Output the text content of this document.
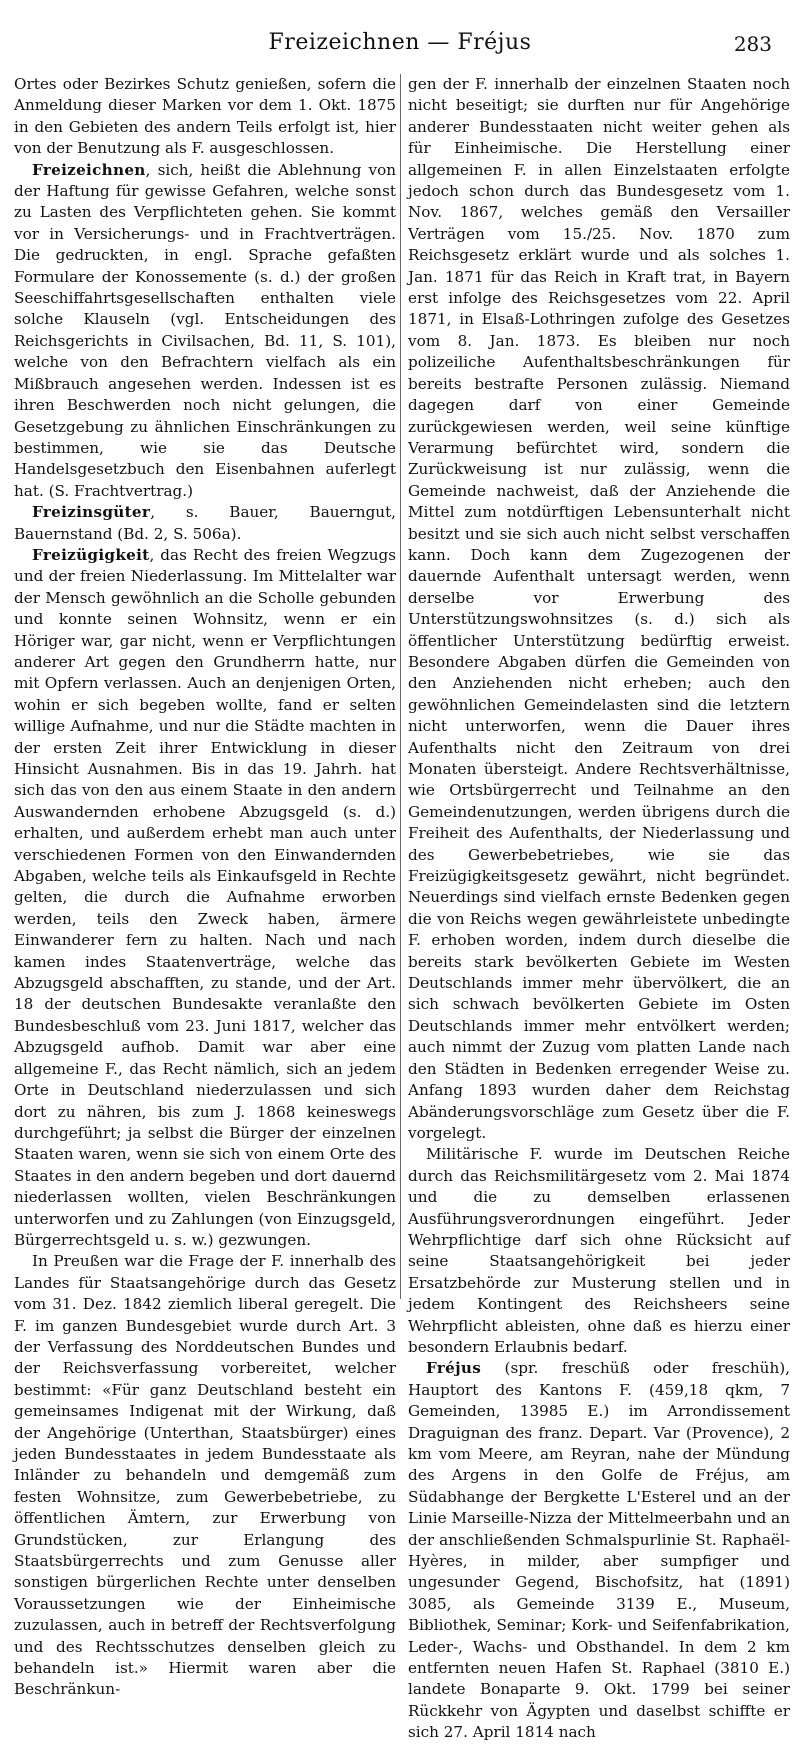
Freizeichnen — Fréjus	283

Ortes oder Bezirkes Schutz genießen, sofern die Anmeldung dieser Marken vor dem 1. Okt. 1875 in den Gebieten des andern Teils erfolgt ist, hier von der Benutzung als F. ausgeschlossen.

Freizeichnen, sich, heißt die Ablehnung von der Haftung für gewisse Gefahren, welche sonst zu Lasten des Verpflichteten gehen. Sie kommt vor in Versicherungs- und in Frachtverträgen. Die gedruckten, in engl. Sprache gefaßten Formulare der Konossemente (s. d.) der großen Seeschiffahrtsgesellschaften enthalten viele solche Klauseln (vgl. Entscheidungen des Reichsgerichts in Civilsachen, Bd. 11, S. 101), welche von den Befrachtern vielfach als ein Mißbrauch angesehen werden. Indessen ist es ihren Beschwerden noch nicht gelungen, die Gesetzgebung zu ähnlichen Einschränkungen zu bestimmen, wie sie das Deutsche Handelsgesetzbuch den Eisenbahnen auferlegt hat. (S. Frachtvertrag.)

Freizinsgüter, s. Bauer, Bauerngut, Bauernstand (Bd. 2, S. 506a).

Freizügigkeit, das Recht des freien Wegzugs und der freien Niederlassung. Im Mittelalter war der Mensch gewöhnlich an die Scholle gebunden und konnte seinen Wohnsitz, wenn er ein Höriger war, gar nicht, wenn er Verpflichtungen anderer Art gegen den Grundherrn hatte, nur mit Opfern verlassen. Auch an denjenigen Orten, wohin er sich begeben wollte, fand er selten willige Aufnahme, und nur die Städte machten in der ersten Zeit ihrer Entwicklung in dieser Hinsicht Ausnahmen. Bis in das 19. Jahrh. hat sich das von den aus einem Staate in den andern Auswandernden erhobene Abzugsgeld (s. d.) erhalten, und außerdem erhebt man auch unter verschiedenen Formen von den Einwandernden Abgaben, welche teils als Einkaufsgeld in Rechte gelten, die durch die Aufnahme erworben werden, teils den Zweck haben, ärmere Einwanderer fern zu halten. Nach und nach kamen indes Staatenverträge, welche das Abzugsgeld abschafften, zu stande, und der Art. 18 der deutschen Bundesakte veranlaßte den Bundesbeschluß vom 23. Juni 1817, welcher das Abzugsgeld aufhob. Damit war aber eine allgemeine F., das Recht nämlich, sich an jedem Orte in Deutschland niederzulassen und sich dort zu nähren, bis zum J. 1868 keineswegs durchgeführt; ja selbst die Bürger der einzelnen Staaten waren, wenn sie sich von einem Orte des Staates in den andern begeben und dort dauernd niederlassen wollten, vielen Beschränkungen unterworfen und zu Zahlungen (von Einzugsgeld, Bürgerrechtsgeld u. s. w.) gezwungen.

In Preußen war die Frage der F. innerhalb des Landes für Staatsangehörige durch das Gesetz vom 31. Dez. 1842 ziemlich liberal geregelt. Die F. im ganzen Bundesgebiet wurde durch Art. 3 der Verfassung des Norddeutschen Bundes und der Reichsverfassung vorbereitet, welcher bestimmt: «Für ganz Deutschland besteht ein gemeinsames Indigenat mit der Wirkung, daß der Angehörige (Unterthan, Staatsbürger) eines jeden Bundesstaates in jedem Bundesstaate als Inländer zu behandeln und demgemäß zum festen Wohnsitze, zum Gewerbebetriebe, zu öffentlichen Ämtern, zur Erwerbung von Grundstücken, zur Erlangung des Staatsbürgerrechts und zum Genusse aller sonstigen bürgerlichen Rechte unter denselben Voraussetzungen wie der Einheimische zuzulassen, auch in betreff der Rechtsverfolgung und des Rechtsschutzes denselben gleich zu behandeln ist.» Hiermit waren aber die Beschränkun-

gen der F. innerhalb der einzelnen Staaten noch nicht beseitigt; sie durften nur für Angehörige anderer Bundesstaaten nicht weiter gehen als für Einheimische. Die Herstellung einer allgemeinen F. in allen Einzelstaaten erfolgte jedoch schon durch das Bundesgesetz vom 1. Nov. 1867, welches gemäß den Versailler Verträgen vom 15./25. Nov. 1870 zum Reichsgesetz erklärt wurde und als solches 1. Jan. 1871 für das Reich in Kraft trat, in Bayern erst infolge des Reichsgesetzes vom 22. April 1871, in Elsaß-Lothringen zufolge des Gesetzes vom 8. Jan. 1873. Es bleiben nur noch polizeiliche Aufenthaltsbeschränkungen für bereits bestrafte Personen zulässig. Niemand dagegen darf von einer Gemeinde zurückgewiesen werden, weil seine künftige Verarmung befürchtet wird, sondern die Zurückweisung ist nur zulässig, wenn die Gemeinde nachweist, daß der Anziehende die Mittel zum notdürftigen Lebensunterhalt nicht besitzt und sie sich auch nicht selbst verschaffen kann. Doch kann dem Zugezogenen der dauernde Aufenthalt untersagt werden, wenn derselbe vor Erwerbung des Unterstützungswohnsitzes (s. d.) sich als öffentlicher Unterstützung bedürftig erweist. Besondere Abgaben dürfen die Gemeinden von den Anziehenden nicht erheben; auch den gewöhnlichen Gemeindelasten sind die letztern nicht unterworfen, wenn die Dauer ihres Aufenthalts nicht den Zeitraum von drei Monaten übersteigt. Andere Rechtsverhältnisse, wie Ortsbürgerrecht und Teilnahme an den Gemeindenutzungen, werden übrigens durch die Freiheit des Aufenthalts, der Niederlassung und des Gewerbebetriebes, wie sie das Freizügigkeitsgesetz gewährt, nicht begründet. Neuerdings sind vielfach ernste Bedenken gegen die von Reichs wegen gewährleistete unbedingte F. erhoben worden, indem durch dieselbe die bereits stark bevölkerten Gebiete im Westen Deutschlands immer mehr übervölkert, die an sich schwach bevölkerten Gebiete im Osten Deutschlands immer mehr entvölkert werden; auch nimmt der Zuzug vom platten Lande nach den Städten in Bedenken erregender Weise zu. Anfang 1893 wurden daher dem Reichstag Abänderungsvorschläge zum Gesetz über die F. vorgelegt.

Militärische F. wurde im Deutschen Reiche durch das Reichsmilitärgesetz vom 2. Mai 1874 und die zu demselben erlassenen Ausführungsverordnungen eingeführt. Jeder Wehrpflichtige darf sich ohne Rücksicht auf seine Staatsangehörigkeit bei jeder Ersatzbehörde zur Musterung stellen und in jedem Kontingent des Reichsheers seine Wehrpflicht ableisten, ohne daß es hierzu einer besondern Erlaubnis bedarf.

Fréjus (spr. freschüß oder freschüh), Hauptort des Kantons F. (459,18 qkm, 7 Gemeinden, 13985 E.) im Arrondissement Draguignan des franz. Depart. Var (Provence), 2 km vom Meere, am Reyran, nahe der Mündung des Argens in den Golfe de Fréjus, am Südabhange der Bergkette L'Esterel und an der Linie Marseille-Nizza der Mittelmeerbahn und an der anschließenden Schmalspurlinie St. Raphaël-Hyères, in milder, aber sumpfiger und ungesunder Gegend, Bischofsitz, hat (1891) 3085, als Gemeinde 3139 E., Museum, Bibliothek, Seminar; Kork- und Seifenfabrikation, Leder-, Wachs- und Obsthandel. In dem 2 km entfernten neuen Hafen St. Raphael (3810 E.) landete Bonaparte 9. Okt. 1799 bei seiner Rückkehr von Ägypten und daselbst schiffte er sich 27. April 1814 nach
